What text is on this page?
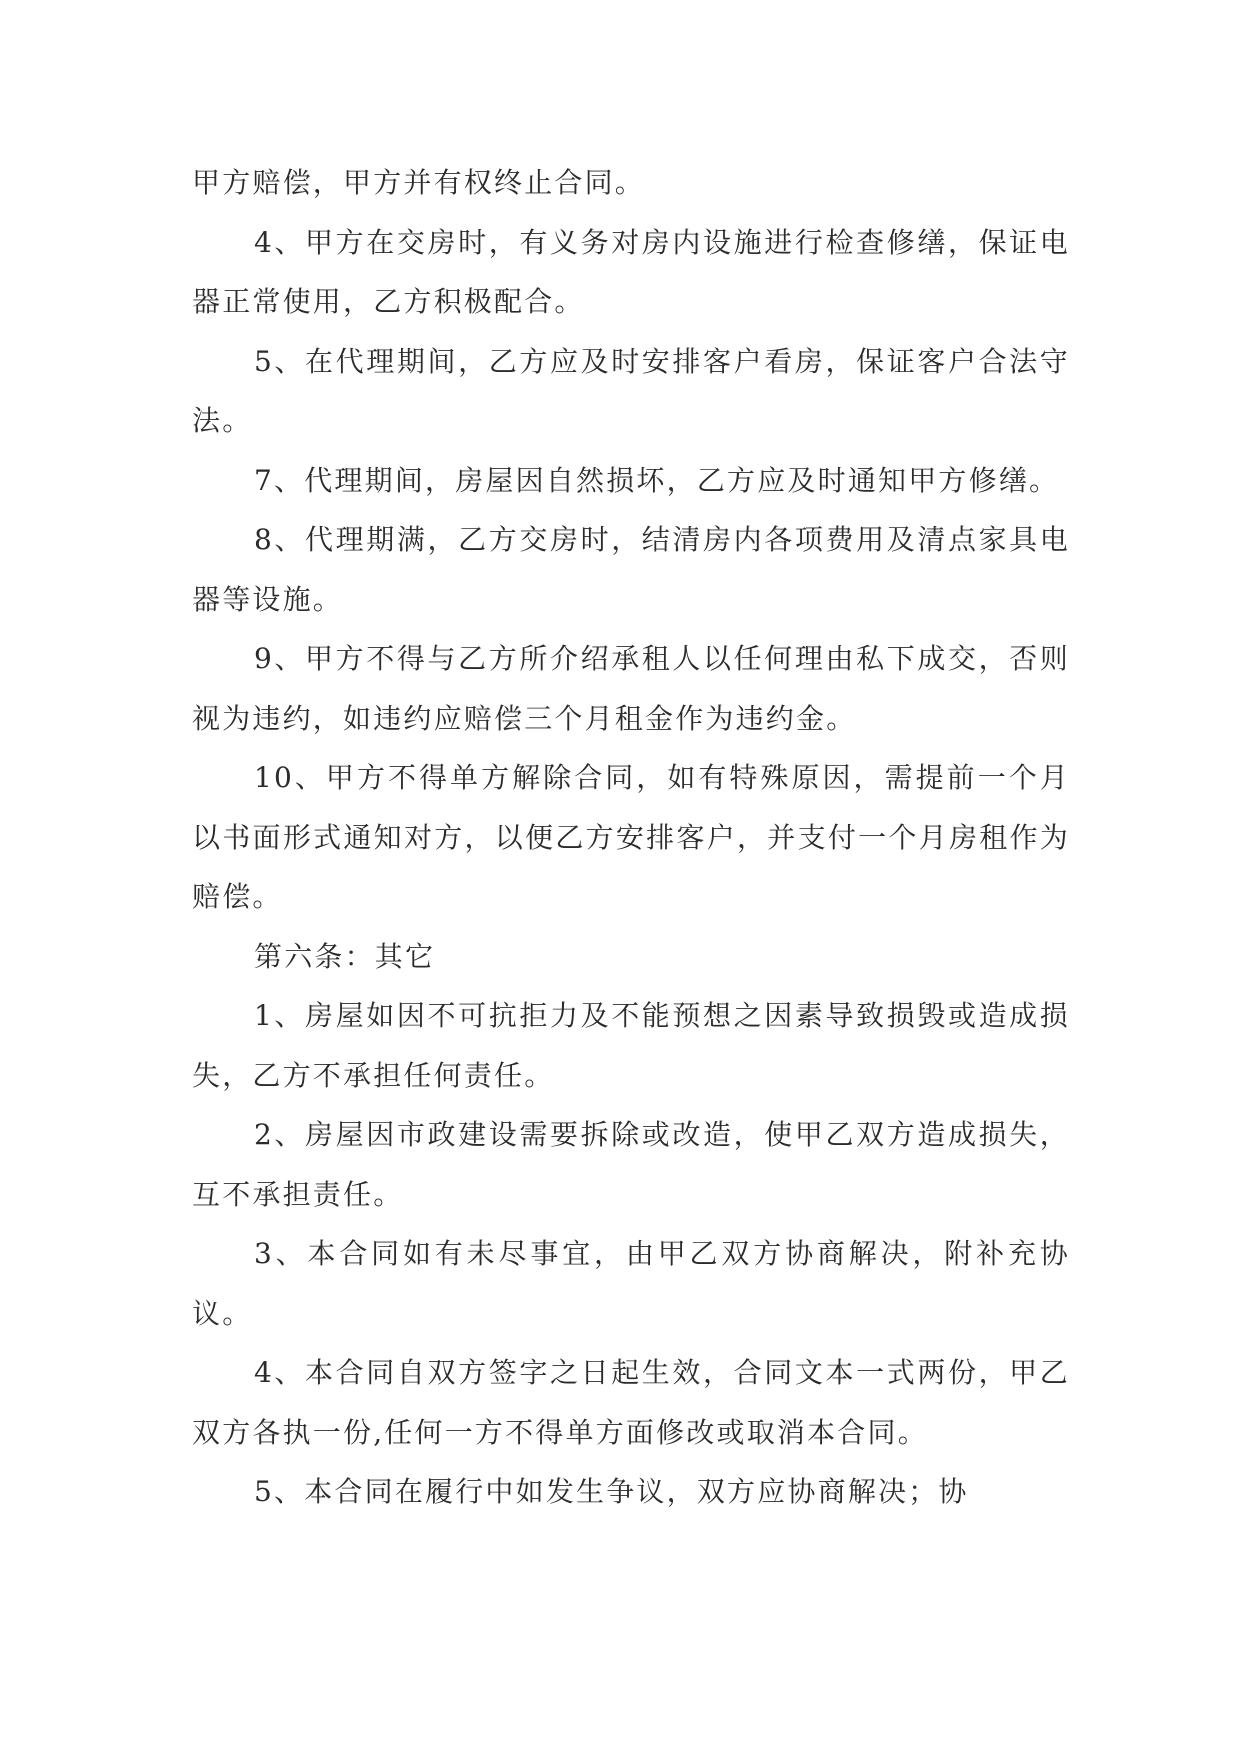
甲方赔偿，甲方并有权终止合同。

4、甲方在交房时，有义务对房内设施进行检查修缮，保证电器正常使用，乙方积极配合。

5、在代理期间，乙方应及时安排客户看房，保证客户合法守法。

7、代理期间，房屋因自然损坏，乙方应及时通知甲方修缮。

8、代理期满，乙方交房时，结清房内各项费用及清点家具电器等设施。

9、甲方不得与乙方所介绍承租人以任何理由私下成交，否则视为违约，如违约应赔偿三个月租金作为违约金。

10、甲方不得单方解除合同，如有特殊原因，需提前一个月以书面形式通知对方，以便乙方安排客户，并支付一个月房租作为赔偿。

第六条：其它

1、房屋如因不可抗拒力及不能预想之因素导致损毁或造成损失，乙方不承担任何责任。

2、房屋因市政建设需要拆除或改造，使甲乙双方造成损失，互不承担责任。

3、本合同如有未尽事宜，由甲乙双方协商解决，附补充协议。

4、本合同自双方签字之日起生效，合同文本一式两份，甲乙双方各执一份,任何一方不得单方面修改或取消本合同。

5、本合同在履行中如发生争议，双方应协商解决；协
